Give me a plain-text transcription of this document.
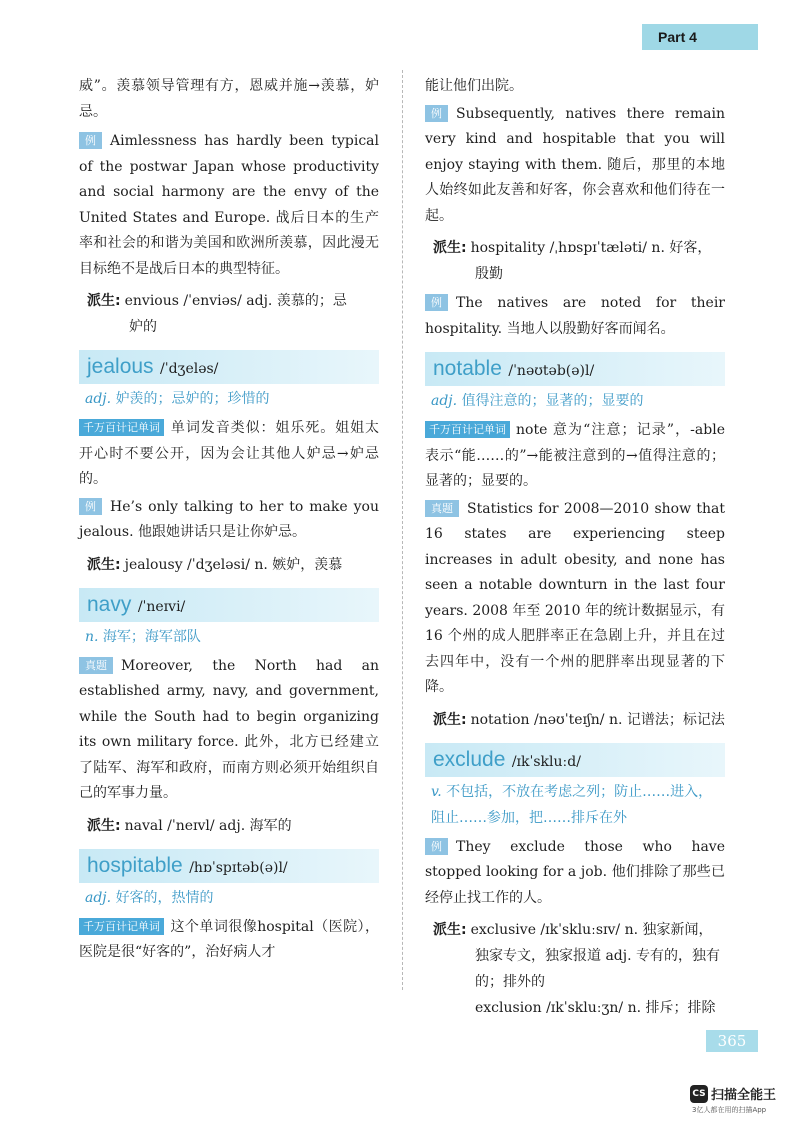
Part 4

威”。羡慕领导管理有方，恩威并施→羡慕，妒忌。

例 Aimlessness has hardly been typical of the postwar Japan whose productivity and social harmony are the envy of the United States and Europe. 战后日本的生产率和社会的和谐为美国和欧洲所羡慕，因此漫无目标绝不是战后日本的典型特征。

派生: envious /ˈenviəs/ adj. 羡慕的；忌
妒的
jealous /ˈdʒeləs/
adj. 妒羡的；忌妒的；珍惜的

千万百计记单词 单词发音类似：姐乐死。姐姐太开心时不要公开，因为会让其他人妒忌→妒忌的。

例 He’s only talking to her to make you jealous. 他跟她讲话只是让你妒忌。

派生: jealousy /ˈdʒeləsi/ n. 嫉妒，羡慕
navy /ˈneɪvi/
n. 海军；海军部队

真题 Moreover, the North had an established army, navy, and government, while the South had to begin organizing its own military force. 此外，北方已经建立了陆军、海军和政府，而南方则必须开始组织自己的军事力量。

派生: naval /ˈneɪvl/ adj. 海军的
hospitable /hɒˈspɪtəb(ə)l/
adj. 好客的，热情的

千万百计记单词 这个单词很像hospital（医院），医院是很“好客的”，治好病人才

能让他们出院。

例 Subsequently, natives there remain very kind and hospitable that you will enjoy staying with them. 随后，那里的本地人始终如此友善和好客，你会喜欢和他们待在一起。

派生: hospitality /ˌhɒspɪˈtæləti/ n. 好客，
殷勤

例 The natives are noted for their hospitality. 当地人以殷勤好客而闻名。

notable /ˈnəʊtəb(ə)l/
adj. 值得注意的；显著的；显要的

千万百计记单词 note 意为“注意；记录”，-able 表示“能……的”→能被注意到的→值得注意的；显著的；显要的。

真题 Statistics for 2008—2010 show that 16 states are experiencing steep increases in adult obesity, and none has seen a notable downturn in the last four years. 2008 年至 2010 年的统计数据显示，有 16 个州的成人肥胖率正在急剧上升，并且在过去四年中，没有一个州的肥胖率出现显著的下降。

派生: notation /nəʊˈteɪʃn/ n. 记谱法；标记法
exclude /ɪkˈskluːd/
v. 不包括，不放在考虑之列；防止……进入，阻止……参加，把……排斥在外

例 They exclude those who have stopped looking for a job. 他们排除了那些已经停止找工作的人。

派生: exclusive /ɪkˈskluːsɪv/ n. 独家新闻，
独家专文，独家报道 adj. 专有的，独有的；排外的
exclusion /ɪkˈskluːʒn/ n. 排斥；排除
365
CS 扫描全能王
3亿人都在用的扫描App
